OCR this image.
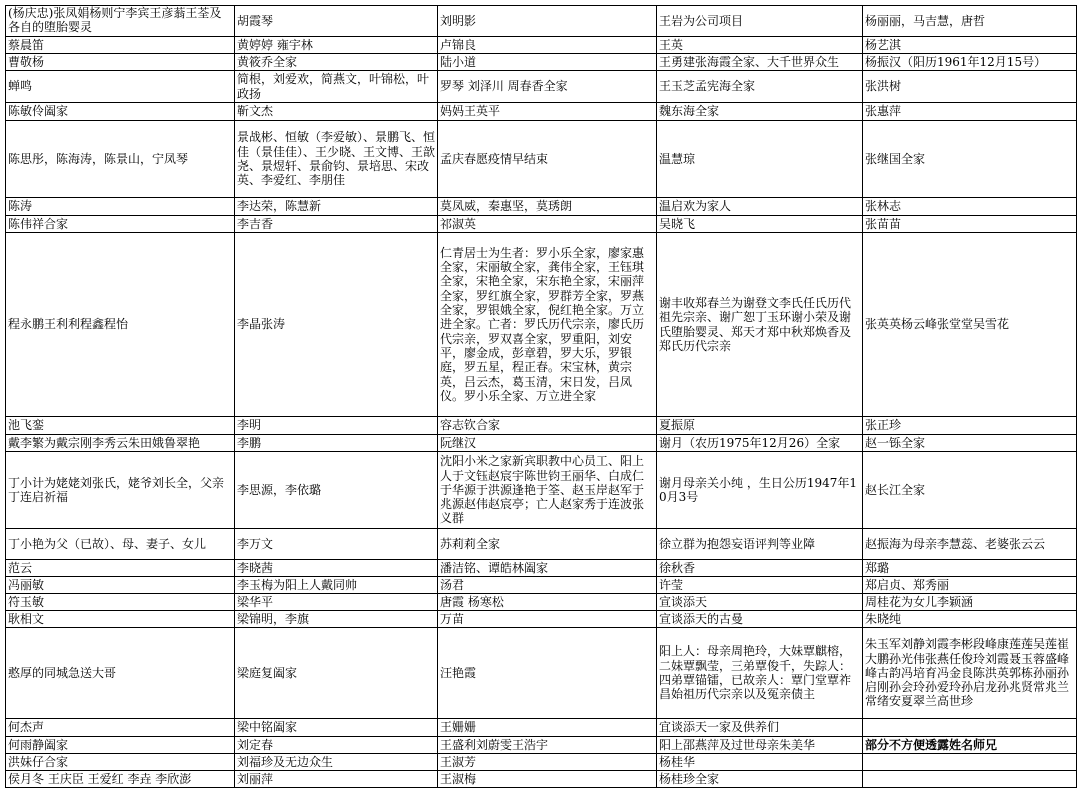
(杨庆忠)张凤娟杨则宁李宾王彦蓊王荃及各自的堕胎婴灵	胡霞琴	刘明影	王岩为公司项目	杨丽丽，马吉慧，唐哲
蔡晨笛	黄婷婷 雍宇林	卢锦良	王英	杨艺淇
曹敬杨	黄筱乔全家	陆小道	王勇建张海霞全家、大千世界众生	杨振汉（阳历1961年12月15号）
蝉鸣	简根，刘爱欢，简燕文，叶锦松，叶政扬	罗琴 刘泽川 周春香全家	王玉芝孟宪海全家	张洪树
陈敏伶阖家	靳文杰	妈妈王英平	魏东海全家	张惠萍
陈思彤，陈海涛，陈景山，宁凤琴	景战彬、恒敏（李爱敏）、景鹏飞、恒佳（景佳佳）、王少晓、王文博、王歆尧、景煜轩、景俞钧、景培思、宋改英、李爱红、李朋佳	孟庆春愿疫情早结束	温慧琼	张继国全家
陈涛	李达荣，陈慧新	莫凤威，秦惠坚，莫琇朗	温启欢为家人	张林志
陈伟祥合家	李吉香	祁淑英	吴晓飞	张苗苗
程永鹏王利利程鑫程怡	李晶张涛	仁青居士为生者：罗小乐全家，廖家惠全家，宋丽敏全家，龚伟全家，王钰琪全家，宋艳全家，宋东艳全家，宋丽萍全家，罗红旗全家，罗群芳全家，罗燕全家，罗银娥全家，倪红艳全家。万立进全家。亡者：罗氏历代宗亲，廖氏历代宗亲，罗双喜全家，罗重阳，刘安平，廖金成，彭章碧，罗大乐，罗银庭，罗五星，程正春。宋宝林，黄宗英，吕云杰，葛玉清，宋日发，吕凤仪。罗小乐全家、万立进全家	谢丰收郑春兰为谢登文李氏任氏历代祖先宗亲、谢广恕丁玉环谢小荣及谢氏堕胎婴灵、郑天才郑中秋郑焕香及郑氏历代宗亲	张英英杨云峰张堂堂吴雪花
池飞銮	李明	容志钦合家	夏振原	张正珍
戴李繁为戴宗刚李秀云朱田娥鲁翠艳	李鹏	阮继汉	谢月（农历1975年12月26）全家	赵一铄全家
丁小计为姥姥刘张氏，姥爷刘长全，父亲丁连启祈福	李思源，李依璐	沈阳小米之家新宾职教中心员工、阳上人于文钰赵宸宇陈世钧王丽华、白成仁于华源于洪源逢艳于筌、赵玉岸赵军于兆源赵伟赵宸亭；亡人赵家秀于连波张义群	谢月母亲关小纯 ，生日公历1947年10月3号	赵长江全家
丁小艳为父（已故）、母、妻子、女儿	李万文	苏莉莉全家	徐立群为抱怨妄语评判等业障	赵振海为母亲李慧蕊、老婆张云云
范云	李晓茜	潘洁铭、谭皓林阖家	徐秋香	郑璐
冯丽敏	李玉梅为阳上人戴同帅	汤君	许莹	郑启贞、郑秀丽
符玉敏	梁华平	唐霞 杨寒松	宣谈添天	周桂花为女儿李颖涵
耿相文	梁锦明，李旗	万苗	宣谈添天的古曼	朱晓纯
憨厚的同城急送大哥	梁庭复阖家	汪艳霞	阳上人：母亲周艳玲，大妹覃麒榕，二妹覃飘莹，三弟覃俊千，失踪人：四弟覃锚镭，已故亲人：覃门堂覃祚昌始祖历代宗亲以及冤亲债主	朱玉军刘静刘霞李彬段峰康莲莲吴莲崔大鹏孙光伟张燕任俊玲刘霞聂玉蓉盛峰峰古韵冯培育冯金良陈洪英郭栋孙丽孙启刚孙会玲孙爱玲孙启龙孙兆贤常兆兰常绪安夏翠兰高世珍
何杰声	梁中铭阖家	王姗姗	宜谈添天一家及供养们	
何雨静阖家	刘定春	王盛利刘蔚雯王浩宇	阳上邵燕萍及过世母亲朱美华	部分不方便透露姓名师兄
洪妹仔合家	刘福珍及无边众生	王淑芳	杨桂华	
侯月冬 王庆臣 王爱红 李垚 李欣澎	刘丽萍	王淑梅	杨桂珍全家	
